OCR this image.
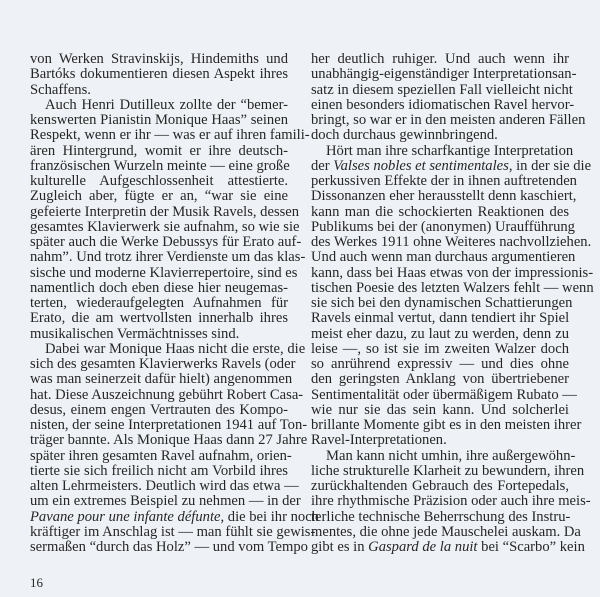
von Werken Stravinskijs, Hindemiths und
Bartóks dokumentieren diesen Aspekt ihres
Schaffens.
Auch Henri Dutilleux zollte der “bemer-
kenswerten Pianistin Monique Haas” seinen
Respekt, wenn er ihr — was er auf ihren famili-
ären Hintergrund, womit er ihre deutsch-
französischen Wurzeln meinte — eine große
kulturelle Aufgeschlossenheit attestierte.
Zugleich aber, fügte er an, “war sie eine
gefeierte Interpretin der Musik Ravels, dessen
gesamtes Klavierwerk sie aufnahm, so wie sie
später auch die Werke Debussys für Erato auf-
nahm”. Und trotz ihrer Verdienste um das klas-
sische und moderne Klavierrepertoire, sind es
namentlich doch eben diese hier neugemas-
terten, wiederaufgelegten Aufnahmen für
Erato, die am wertvollsten innerhalb ihres
musikalischen Vermächtnisses sind.
Dabei war Monique Haas nicht die erste, die
sich des gesamten Klavierwerks Ravels (oder
was man seinerzeit dafür hielt) angenommen
hat. Diese Auszeichnung gebührt Robert Casa-
desus, einem engen Vertrauten des Kompo-
nisten, der seine Interpretationen 1941 auf Ton-
träger bannte. Als Monique Haas dann 27 Jahre
später ihren gesamten Ravel aufnahm, orien-
tierte sie sich freilich nicht am Vorbild ihres
alten Lehrmeisters. Deutlich wird das etwa —
um ein extremes Beispiel zu nehmen — in der
Pavane pour une infante défunte, die bei ihr noch
kräftiger im Anschlag ist — man fühlt sie gewis-
sermaßen “durch das Holz” — und vom Tempo
her deutlich ruhiger. Und auch wenn ihr
unabhängig-eigenständiger Interpretationsan-
satz in diesem speziellen Fall vielleicht nicht
einen besonders idiomatischen Ravel hervor-
bringt, so war er in den meisten anderen Fällen
doch durchaus gewinnbringend.
Hört man ihre scharfkantige Interpretation
der Valses nobles et sentimentales, in der sie die
perkussiven Effekte der in ihnen auftretenden
Dissonanzen eher herausstellt denn kaschiert,
kann man die schockierten Reaktionen des
Publikums bei der (anonymen) Uraufführung
des Werkes 1911 ohne Weiteres nachvollziehen.
Und auch wenn man durchaus argumentieren
kann, dass bei Haas etwas von der impressionis-
tischen Poesie des letzten Walzers fehlt — wenn
sie sich bei den dynamischen Schattierungen
Ravels einmal vertut, dann tendiert ihr Spiel
meist eher dazu, zu laut zu werden, denn zu
leise —, so ist sie im zweiten Walzer doch
so anrührend expressiv — und dies ohne
den geringsten Anklang von übertriebener
Sentimentalität oder übermäßigem Rubato —
wie nur sie das sein kann. Und solcherlei
brillante Momente gibt es in den meisten ihrer
Ravel-Interpretationen.
Man kann nicht umhin, ihre außergewöhn-
liche strukturelle Klarheit zu bewundern, ihren
zurückhaltenden Gebrauch des Fortepedals,
ihre rhythmische Präzision oder auch ihre meis-
terliche technische Beherrschung des Instru-
mentes, die ohne jede Mauschelei auskam. Da
gibt es in Gaspard de la nuit bei “Scarbo” kein
16
